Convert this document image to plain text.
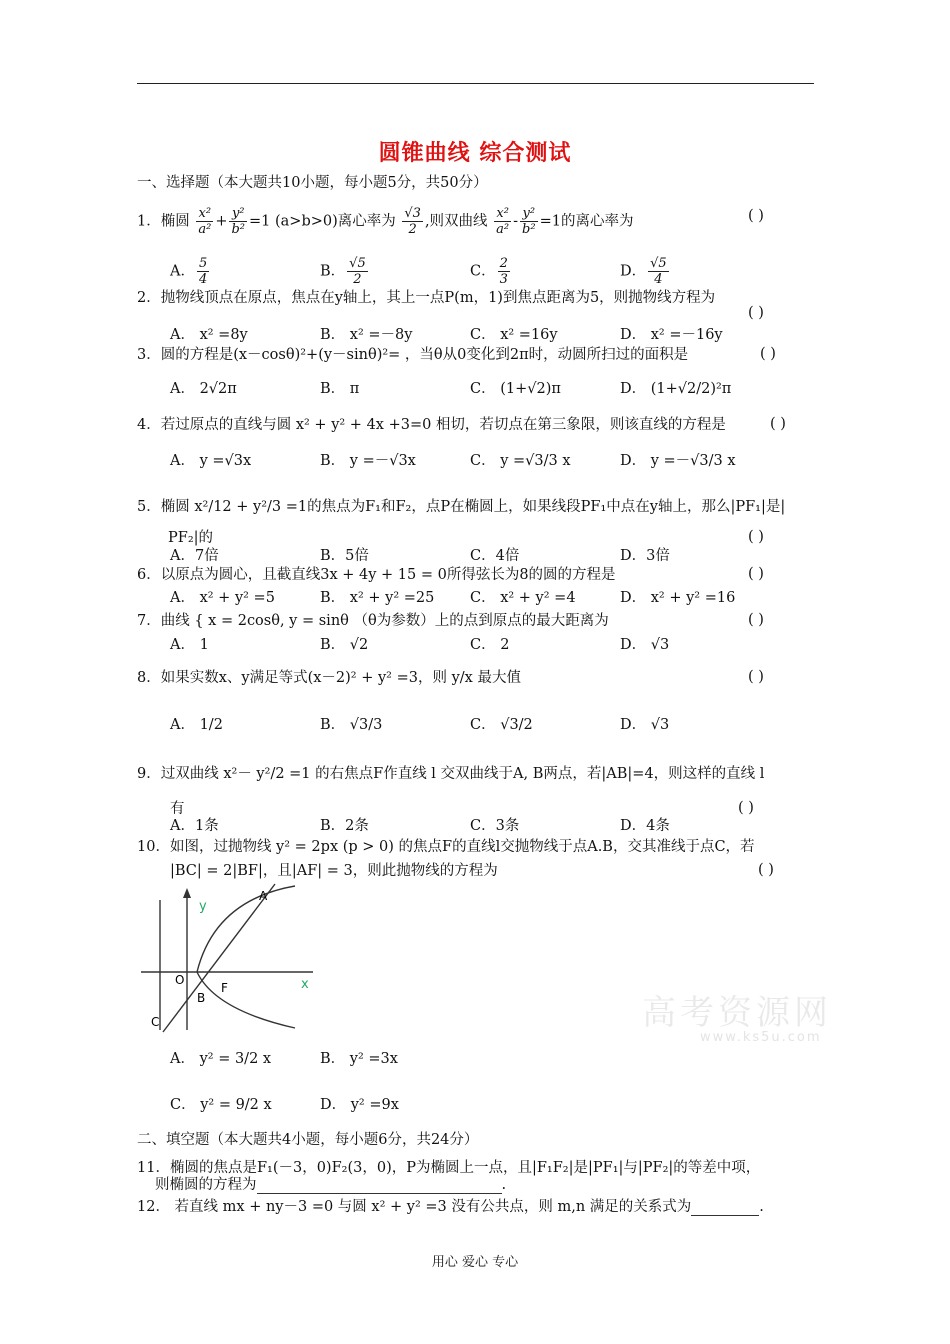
圆锥曲线 综合测试
一、选择题（本大题共10小题，每小题5分，共50分）
1．椭圆 $\frac{\text{x²}}{\text{a²}} + \frac{\text{y²}}{\text{b²}} =1$ (a>b>0)离心率为 $\frac{√3}{2}$ ,则双曲线 $\frac{\text{x²}}{\text{a²}} - \frac{\text{y²}}{\text{b²}} =1$的离心率为	( )
A． $\frac{5}{4}$	B． $\frac{√5}{2}$	C． $\frac{2}{3}$	D． $\frac{√5}{4}$
2．抛物线顶点在原点，焦点在y轴上，其上一点P(m，1)到焦点距离为5，则抛物线方程为
( )
A． x² =8y	B． x² =－8y	C． x² =16y	D． x² =－16y
3．圆的方程是(x－cosθ)²+(y－sinθ)²= ，当θ从0变化到2π时，动圆所扫过的面积是	( )
A． 2√2π	B． π	C． (1+√2)π	D． (1+√2/2)²π
4．若过原点的直线与圆 x² + y² + 4x +3=0 相切，若切点在第三象限，则该直线的方程是	( )
A． y =√3x	B． y =－√3x	C． y =√3/3 x	D． y =－√3/3 x
5．椭圆 x²/12 + y²/3 =1的焦点为F₁和F₂，点P在椭圆上，如果线段PF₁中点在y轴上，那么|PF₁|是|
PF₂|的	( )
A．7倍	B．5倍	C．4倍	D．3倍
6．以原点为圆心，且截直线3x + 4y + 15 = 0所得弦长为8的圆的方程是	( )
A． x² + y² =5	B． x² + y² =25 C． x² + y² =4	D． x² + y² =16
7．曲线 { x = 2cosθ, y = sinθ （θ为参数）上的点到原点的最大距离为	( )
A． 1	B． √2	C． 2	D． √3
8．如果实数x、y满足等式(x－2)² + y² =3，则 y/x 最大值	( )
A． 1/2	B． √3/3	C． √3/2	D． √3
9．过双曲线 x²－ y²/2 =1 的右焦点F作直线 l 交双曲线于A, B两点，若|AB|=4，则这样的直线 l
有	( )
A．1条	B．2条	C．3条	D．4条
10．如图，过抛物线 y² = 2px (p > 0) 的焦点F的直线l交抛物线于点A.B，交其准线于点C，若
|BC| = 2|BF|，且|AF| = 3，则此抛物线的方程为	( )
y
x
O
F
A
B
C
A． y² = 3/2 x	B． y² =3x
C． y² = 9/2 x	D． y² =9x
高考资源网
www.ks5u.com
二、填空题（本大题共4小题，每小题6分，共24分）
11．椭圆的焦点是F₁(－3，0)F₂(3，0)，P为椭圆上一点，且|F₁F₂|是|PF₁|与|PF₂|的等差中项，
则椭圆的方程为	.
12． 若直线 mx + ny－3 =0 与圆 x² + y² =3 没有公共点，则 m,n 满足的关系式为	.
用心 爱心 专心
